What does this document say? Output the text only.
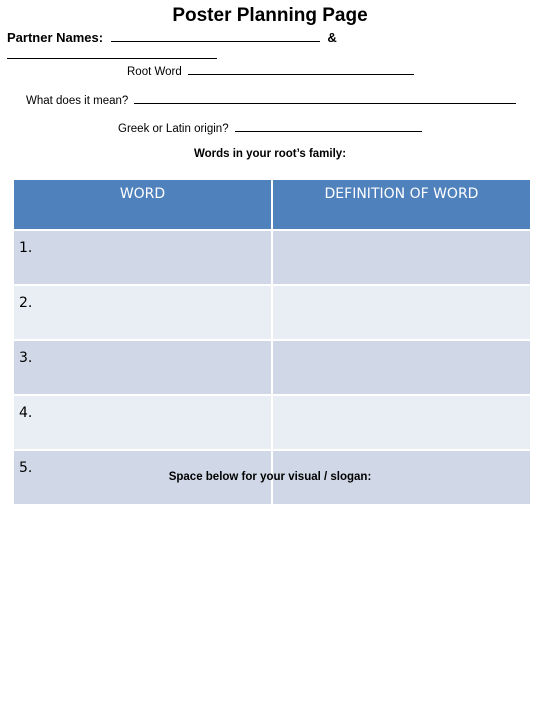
Poster Planning Page
Partner Names:	&
Root Word
What does it mean?
Greek or Latin origin?
Words in your root’s family:
WORD	DEFINITION OF WORD
1.	
2.	
3.	
4.	
5.	
Space below for your visual / slogan:
